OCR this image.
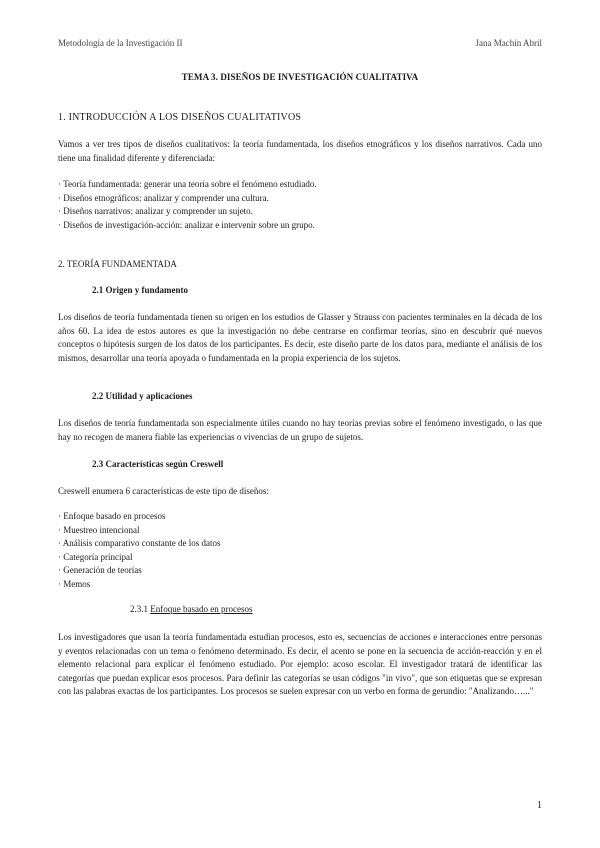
Metodología de la Investigación II	Jana Machín Abril
TEMA 3. DISEÑOS DE INVESTIGACIÓN CUALITATIVA
1. INTRODUCCIÓN A LOS DISEÑOS CUALITATIVOS
Vamos a ver tres tipos de diseños cualitativos: la teoría fundamentada, los diseños etnográficos y los diseños narrativos. Cada uno tiene una finalidad diferente y diferenciada:
· Teoría fundamentada: generar una teoría sobre el fenómeno estudiado.
· Diseños etnográficos: analizar y comprender una cultura.
· Diseños narrativos: analizar y comprender un sujeto.
· Diseños de investigación-acción: analizar e intervenir sobre un grupo.
2. TEORÍA FUNDAMENTADA
2.1 Origen y fundamento
Los diseños de teoría fundamentada tienen su origen en los estudios de Glasser y Strauss con pacientes terminales en la década de los años 60. La idea de estos autores es que la investigación no debe centrarse en confirmar teorías, sino en descubrir qué nuevos conceptos o hipótesis surgen de los datos de los participantes. Es decir, este diseño parte de los datos para, mediante el análisis de los mismos, desarrollar una teoría apoyada o fundamentada en la propia experiencia de los sujetos.
2.2 Utilidad y aplicaciones
Los diseños de teoría fundamentada son especialmente útiles cuando no hay teorías previas sobre el fenómeno investigado, o las que hay no recogen de manera fiable las experiencias o vivencias de un grupo de sujetos.
2.3 Características según Creswell
Creswell enumera 6 características de este tipo de diseños:
· Enfoque basado en procesos
· Muestreo intencional
· Análisis comparativo constante de los datos
· Categoría principal
· Generación de teorías
· Memos
2.3.1 Enfoque basado en procesos
Los investigadores que usan la teoría fundamentada estudian procesos, esto es, secuencias de acciones e interacciones entre personas y eventos relacionadas con un tema o fenómeno determinado. Es decir, el acento se pone en la secuencia de acción-reacción y en el elemento relacional para explicar el fenómeno estudiado. Por ejemplo: acoso escolar. El investigador tratará de identificar las categorías que puedan explicar esos procesos. Para definir las categorías se usan códigos "in vivo", que son etiquetas que se expresan con las palabras exactas de los participantes. Los procesos se suelen expresar con un verbo en forma de gerundio: "Analizando…..."
1
